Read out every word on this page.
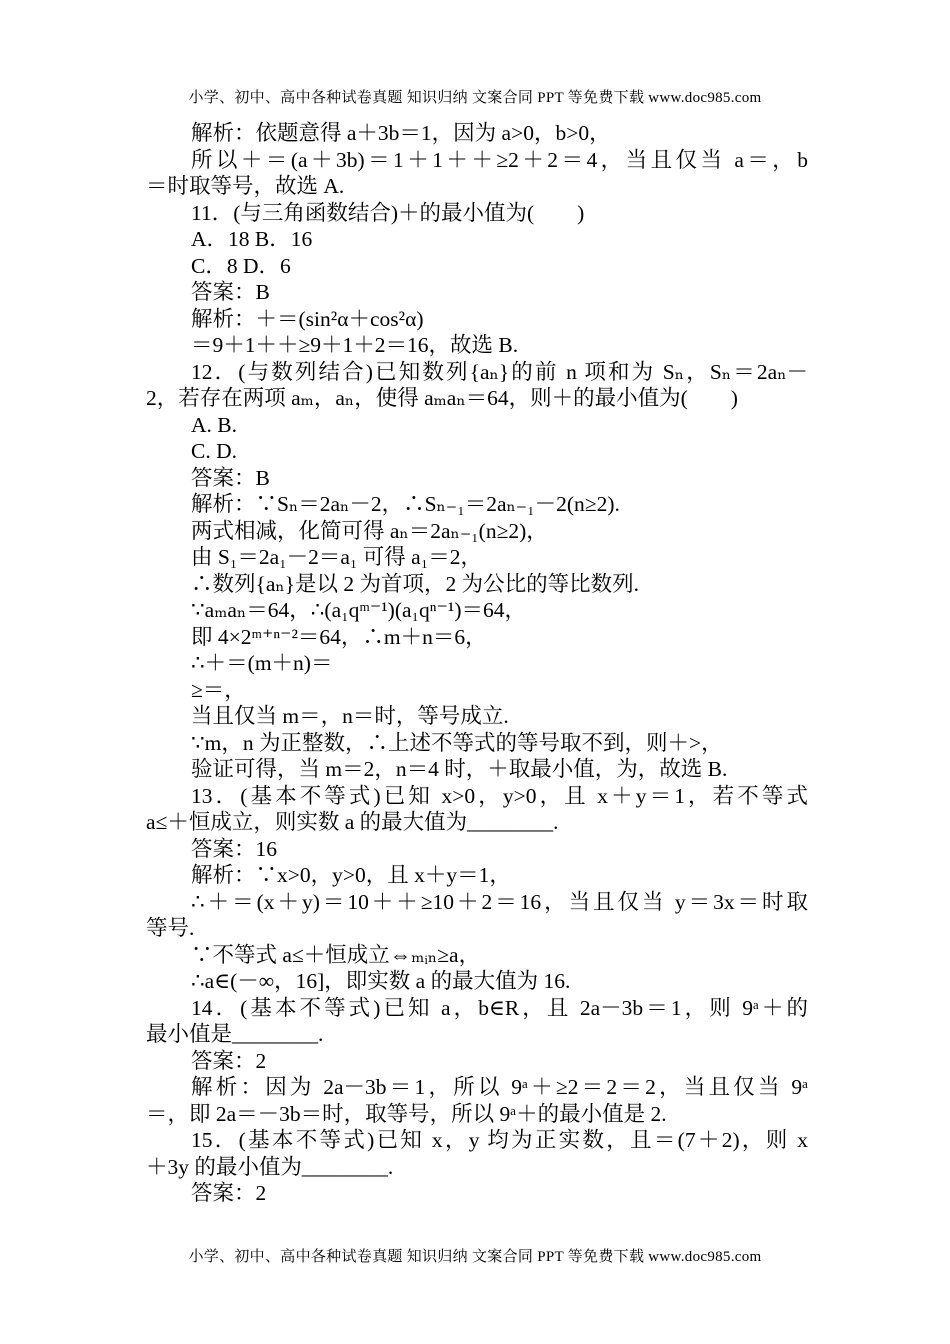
小学、初中、高中各种试卷真题 知识归纳 文案合同 PPT 等免费下载 www.doc985.com
解析：依题意得 a＋3b＝1，因为 a>0，b>0，
所以＋＝(a＋3b)＝1＋1＋＋≥2＋2＝4，当且仅当 a＝，b
＝时取等号，故选 A.
11．(与三角函数结合)＋的最小值为(　　)
A．18 B．16
C．8 D．6
答案：B
解析：＋＝(sin²α＋cos²α)
＝9＋1＋＋≥9＋1＋2＝16，故选 B.
12．(与数列结合)已知数列{aₙ}的前 n 项和为 Sₙ，Sₙ＝2aₙ－
2，若存在两项 aₘ，aₙ，使得 aₘaₙ＝64，则＋的最小值为(　　)
A. B.
C. D.
答案：B
解析：∵Sₙ＝2aₙ－2，∴Sₙ₋₁＝2aₙ₋₁－2(n≥2).
两式相减，化简可得 aₙ＝2aₙ₋₁(n≥2)，
由 S₁＝2a₁－2＝a₁ 可得 a₁＝2，
∴数列{aₙ}是以 2 为首项，2 为公比的等比数列.
∵aₘaₙ＝64，∴(a₁qᵐ⁻¹)(a₁qⁿ⁻¹)＝64，
即 4×2ᵐ⁺ⁿ⁻²＝64，∴m＋n＝6，
∴＋＝(m＋n)＝
≥＝，
当且仅当 m＝，n＝时，等号成立.
∵m，n 为正整数，∴上述不等式的等号取不到，则＋>，
验证可得，当 m＝2，n＝4 时，＋取最小值，为，故选 B.
13．(基本不等式)已知 x>0，y>0，且 x＋y＝1，若不等式
a≤＋恒成立，则实数 a 的最大值为________.
答案：16
解析：∵x>0，y>0，且 x＋y＝1，
∴＋＝(x＋y)＝10＋＋≥10＋2＝16，当且仅当 y＝3x＝时取
等号.
∵不等式 a≤＋恒成立⇔ₘᵢₙ≥a，
∴a∈(－∞，16]，即实数 a 的最大值为 16.
14．(基本不等式)已知 a，b∈R，且 2a－3b＝1，则 9ᵃ＋的
最小值是________.
答案：2
解析：因为 2a－3b＝1，所以 9ᵃ＋≥2＝2＝2，当且仅当 9ᵃ
＝，即 2a＝－3b＝时，取等号，所以 9ᵃ＋的最小值是 2.
15．(基本不等式)已知 x，y 均为正实数，且＝(7＋2)，则 x
＋3y 的最小值为________.
答案：2
小学、初中、高中各种试卷真题 知识归纳 文案合同 PPT 等免费下载 www.doc985.com
